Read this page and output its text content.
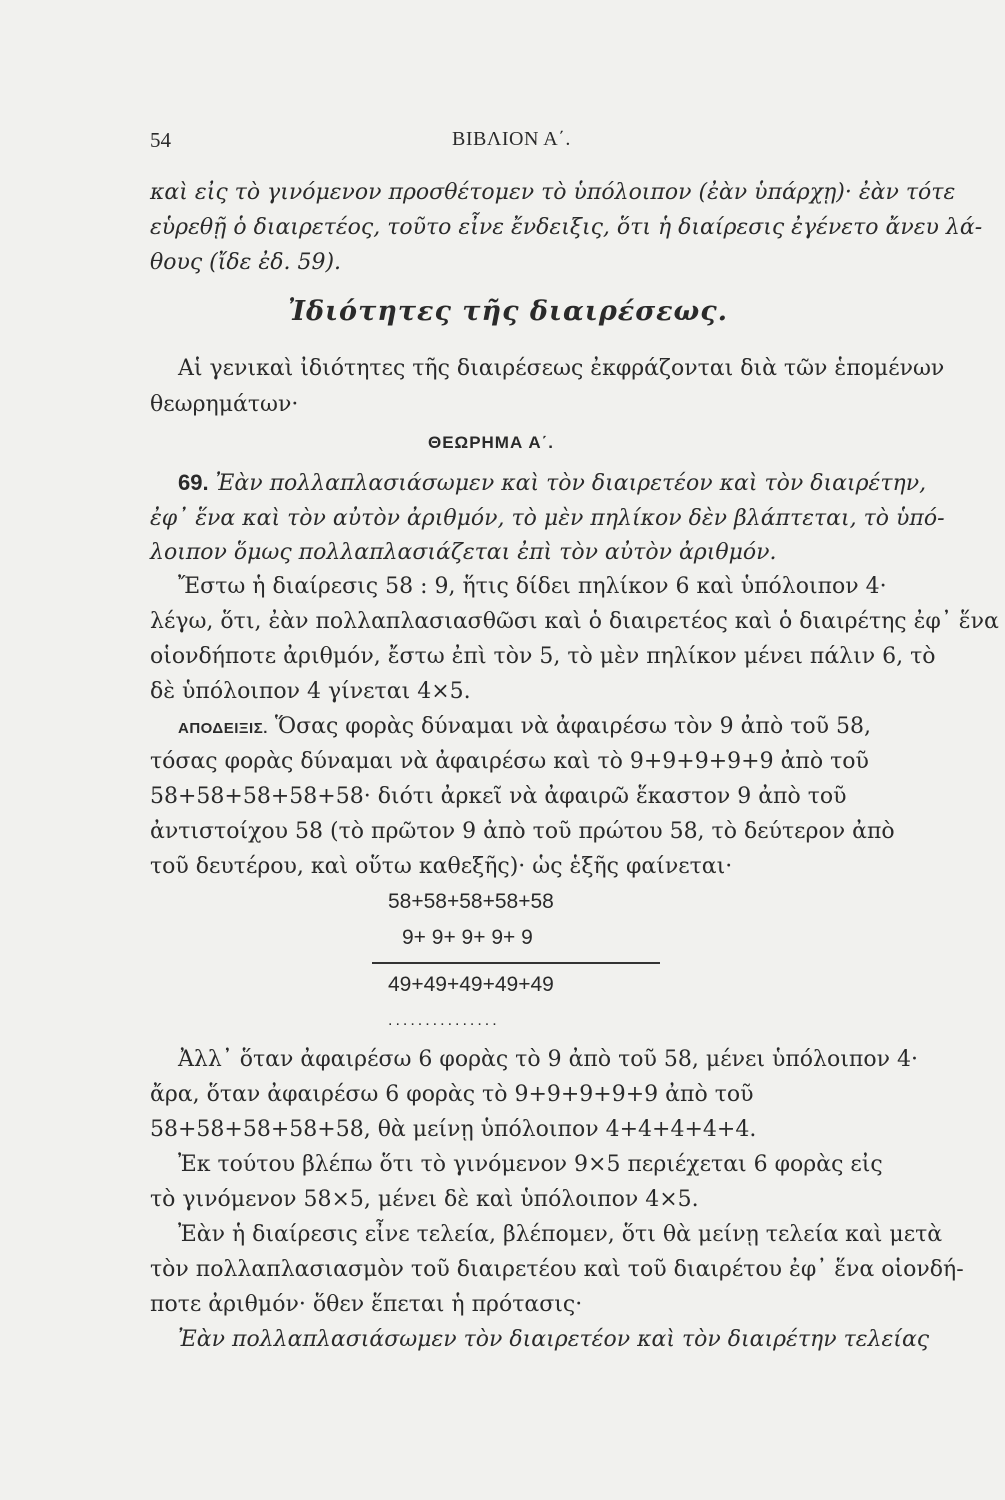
54	ΒΙΒΛΙΟΝ Α΄.
καὶ εἰς τὸ γινόμενον προσθέτομεν τὸ ὑπόλοιπον (ἐὰν ὑπάρχῃ)· ἐὰν τότε
εὑρεθῇ ὁ διαιρετέος, τοῦτο εἶνε ἔνδειξις, ὅτι ἡ διαίρεσις ἐγένετο ἄνευ λά-
θους (ἴδε ἐδ. 59).
Ἰδιότητες τῆς διαιρέσεως.
Αἱ γενικαὶ ἰδιότητες τῆς διαιρέσεως ἐκφράζονται διὰ τῶν ἑπομένων
θεωρημάτων·
ΘΕΩΡΗΜΑ Α΄.
69. Ἐὰν πολλαπλασιάσωμεν καὶ τὸν διαιρετέον καὶ τὸν διαιρέτην,
ἐφ᾽ ἕνα καὶ τὸν αὐτὸν ἀριθμόν, τὸ μὲν πηλίκον δὲν βλάπτεται, τὸ ὑπό-
λοιπον ὅμως πολλαπλασιάζεται ἐπὶ τὸν αὐτὸν ἀριθμόν.
Ἔστω ἡ διαίρεσις 58 : 9, ἥτις δίδει πηλίκον 6 καὶ ὑπόλοιπον 4·
λέγω, ὅτι, ἐὰν πολλαπλασιασθῶσι καὶ ὁ διαιρετέος καὶ ὁ διαιρέτης ἐφ᾽ ἕνα
οἱονδήποτε ἀριθμόν, ἔστω ἐπὶ τὸν 5, τὸ μὲν πηλίκον μένει πάλιν 6, τὸ
δὲ ὑπόλοιπον 4 γίνεται 4×5.
ΑΠΟΔΕΙΞΙΣ. Ὅσας φορὰς δύναμαι νὰ ἀφαιρέσω τὸν 9 ἀπὸ τοῦ 58,
τόσας φορὰς δύναμαι νὰ ἀφαιρέσω καὶ τὸ 9+9+9+9+9 ἀπὸ τοῦ
58+58+58+58+58· διότι ἀρκεῖ νὰ ἀφαιρῶ ἕκαστον 9 ἀπὸ τοῦ
ἀντιστοίχου 58 (τὸ πρῶτον 9 ἀπὸ τοῦ πρώτου 58, τὸ δεύτερον ἀπὸ
τοῦ δευτέρου, καὶ οὕτω καθεξῆς)· ὡς ἑξῆς φαίνεται·
58+58+58+58+58
9+ 9+ 9+ 9+ 9
49+49+49+49+49
...............
Ἀλλ᾽ ὅταν ἀφαιρέσω 6 φορὰς τὸ 9 ἀπὸ τοῦ 58, μένει ὑπόλοιπον 4·
ἄρα, ὅταν ἀφαιρέσω 6 φορὰς τὸ 9+9+9+9+9 ἀπὸ τοῦ
58+58+58+58+58, θὰ μείνῃ ὑπόλοιπον 4+4+4+4+4.
Ἐκ τούτου βλέπω ὅτι τὸ γινόμενον 9×5 περιέχεται 6 φορὰς εἰς
τὸ γινόμενον 58×5, μένει δὲ καὶ ὑπόλοιπον 4×5.
Ἐὰν ἡ διαίρεσις εἶνε τελεία, βλέπομεν, ὅτι θὰ μείνῃ τελεία καὶ μετὰ
τὸν πολλαπλασιασμὸν τοῦ διαιρετέου καὶ τοῦ διαιρέτου ἐφ᾽ ἕνα οἱονδή-
ποτε ἀριθμόν· ὅθεν ἕπεται ἡ πρότασις·
Ἐὰν πολλαπλασιάσωμεν τὸν διαιρετέον καὶ τὸν διαιρέτην τελείας
